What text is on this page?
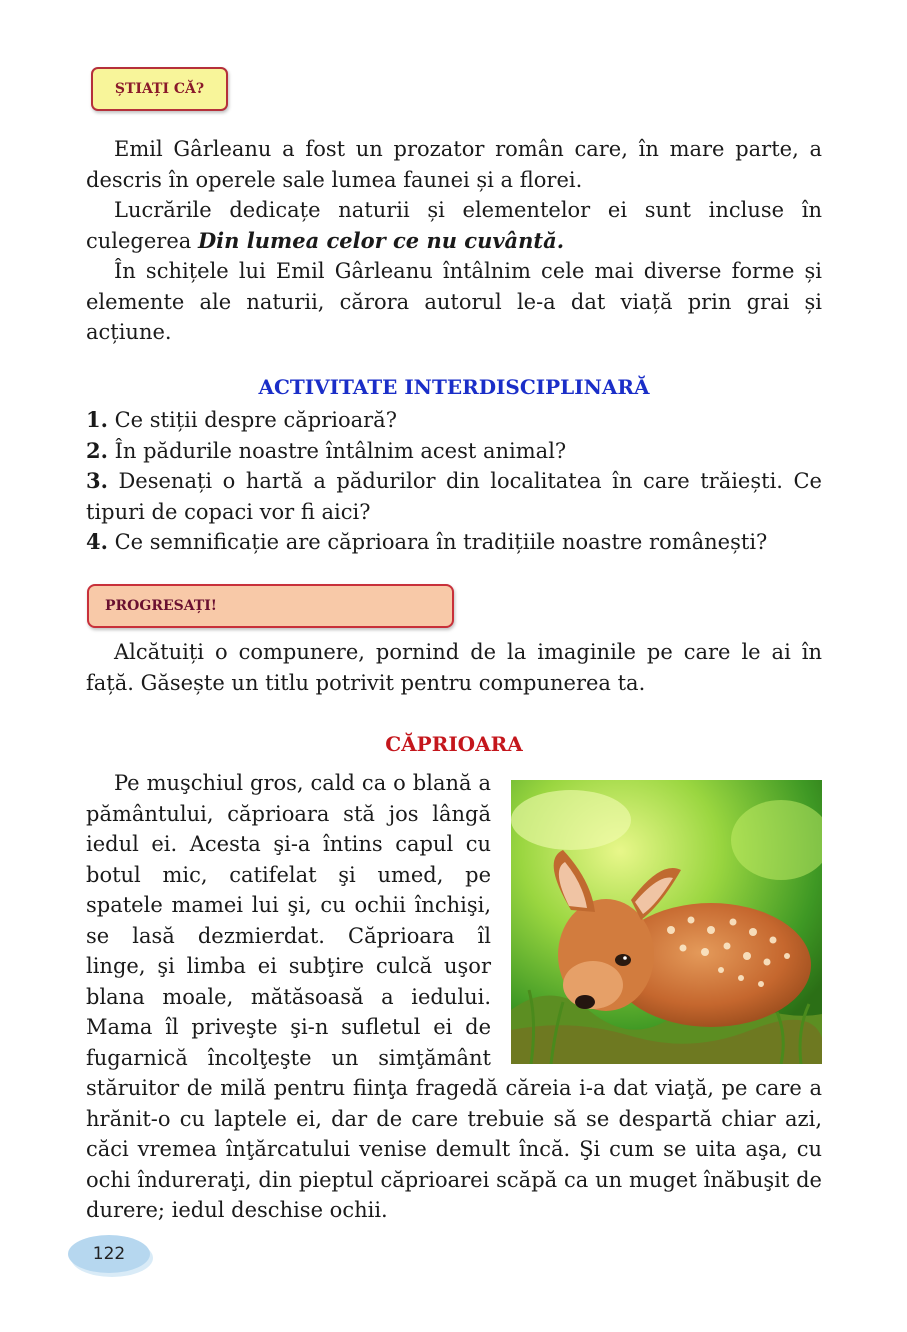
ȘTIAȚI CĂ?

Emil Gârleanu a fost un prozator român care, în mare parte, a descris în operele sale lumea faunei și a florei.

Lucrările dedicațe naturii și elementelor ei sunt incluse în culegerea Din lumea celor ce nu cuvântă.

În schițele lui Emil Gârleanu întâlnim cele mai diverse forme și elemente ale naturii, cărora autorul le-a dat viață prin grai și acțiune.

ACTIVITATE INTERDISCIPLINARĂ

1. Ce stiții despre căprioară?

2. În pădurile noastre întâlnim acest animal?

3. Desenați o hartă a pădurilor din localitatea în care trăiești. Ce tipuri de copaci vor fi aici?

4. Ce semnificație are căprioara în tradițiile noastre românești?

PROGRESAȚI!

Alcătuiți o compunere, pornind de la imaginile pe care le ai în față. Găsește un titlu potrivit pentru compunerea ta.

CĂPRIOARA

Pe muşchiul gros, cald ca o blană a pământului, căprioara stă jos lângă iedul ei. Acesta şi-a întins capul cu botul mic, catifelat şi umed, pe spatele mamei lui şi, cu ochii închişi, se lasă dezmierdat. Căprioara îl linge, şi limba ei subţire culcă uşor blana moale, mătăsoasă a iedului. Mama îl priveşte şi-n sufletul ei de fugarnică încolţeşte un simţământ stăruitor de milă pentru fiinţa fragedă căreia i-a dat viaţă, pe care a hrănit-o cu laptele ei, dar de care trebuie să se despartă chiar azi, căci vremea înţărcatului venise demult încă. Şi cum se uita aşa, cu ochi îndureraţi, din pieptul căprioarei scăpă ca un muget înăbuşit de durere; iedul deschise ochii.

122
